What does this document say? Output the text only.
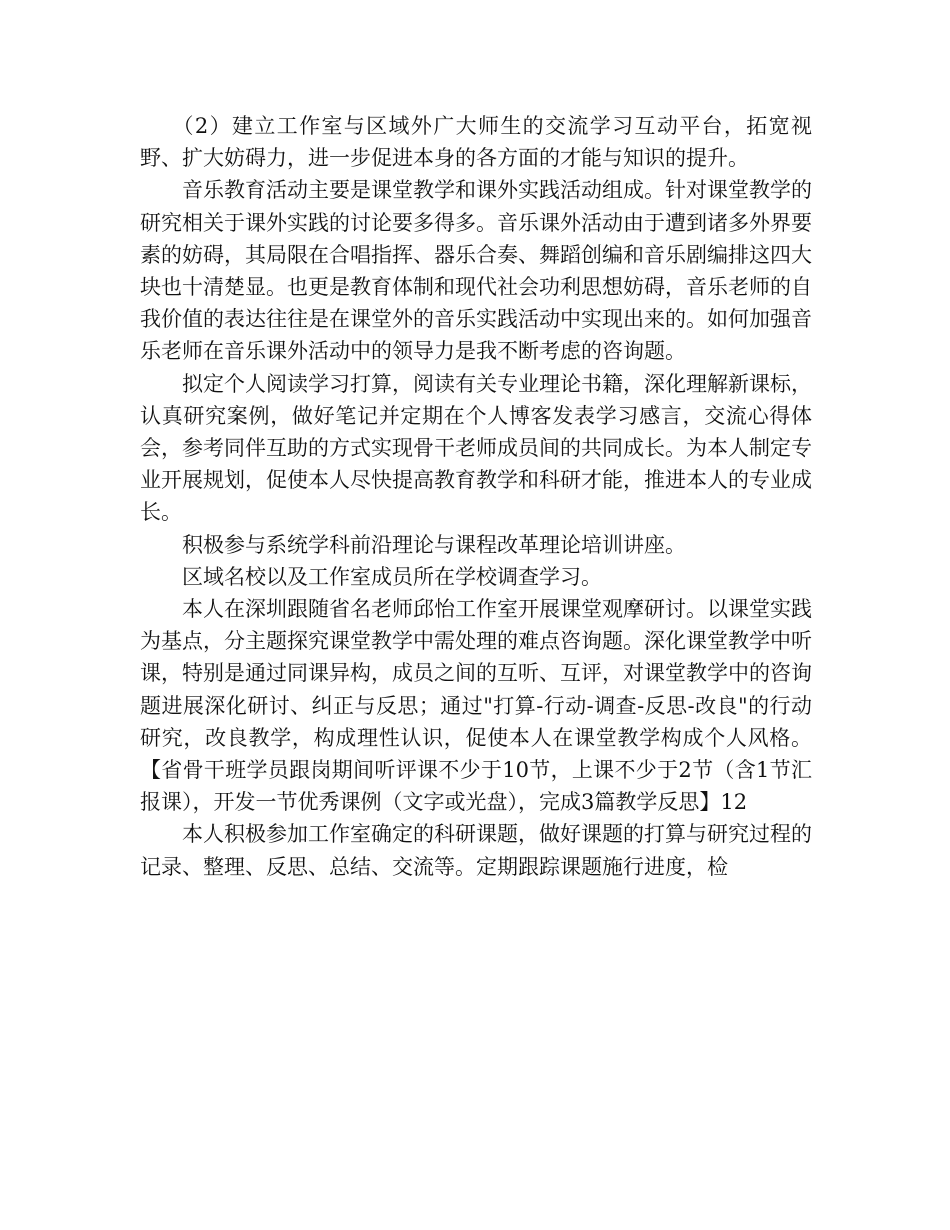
（2）建立工作室与区域外广大师生的交流学习互动平台，拓宽视野、扩大妨碍力，进一步促进本身的各方面的才能与知识的提升。

音乐教育活动主要是课堂教学和课外实践活动组成。针对课堂教学的研究相关于课外实践的讨论要多得多。音乐课外活动由于遭到诸多外界要素的妨碍，其局限在合唱指挥、器乐合奏、舞蹈创编和音乐剧编排这四大块也十清楚显。也更是教育体制和现代社会功利思想妨碍，音乐老师的自我价值的表达往往是在课堂外的音乐实践活动中实现出来的。如何加强音乐老师在音乐课外活动中的领导力是我不断考虑的咨询题。

拟定个人阅读学习打算，阅读有关专业理论书籍，深化理解新课标，认真研究案例，做好笔记并定期在个人博客发表学习感言，交流心得体会，参考同伴互助的方式实现骨干老师成员间的共同成长。为本人制定专业开展规划，促使本人尽快提高教育教学和科研才能，推进本人的专业成长。

积极参与系统学科前沿理论与课程改革理论培训讲座。

区域名校以及工作室成员所在学校调查学习。

本人在深圳跟随省名老师邱怡工作室开展课堂观摩研讨。以课堂实践为基点，分主题探究课堂教学中需处理的难点咨询题。深化课堂教学中听课，特别是通过同课异构，成员之间的互听、互评，对课堂教学中的咨询题进展深化研讨、纠正与反思；通过"打算-行动-调查-反思-改良"的行动研究，改良教学，构成理性认识，促使本人在课堂教学构成个人风格。【省骨干班学员跟岗期间听评课不少于10节，上课不少于2节（含1节汇报课），开发一节优秀课例（文字或光盘），完成3篇教学反思】12

本人积极参加工作室确定的科研课题，做好课题的打算与研究过程的记录、整理、反思、总结、交流等。定期跟踪课题施行进度，检
